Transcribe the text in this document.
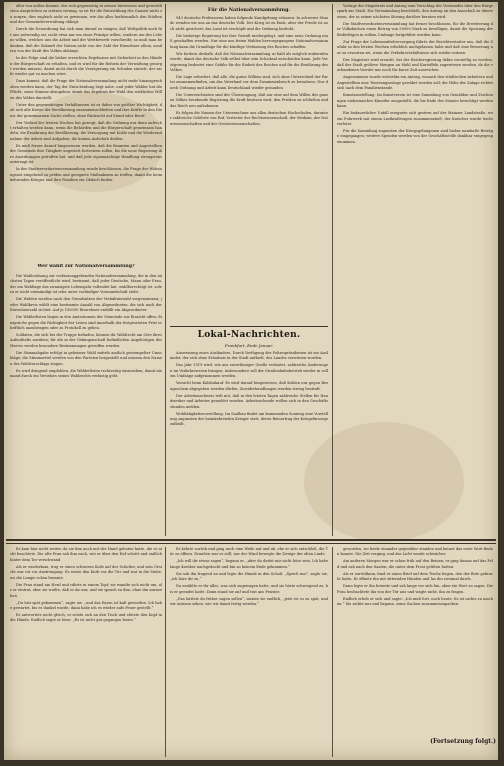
aller von außen Kommt, der sich gegenseitig in seinen Interessen und gewerblichen Ansprüchen zu stützen vermag, so ist für die Entwicklung des Ganzen nicht zu sorgen, dies zugleich nicht zu gewinnen, wie das alles herkömmlich den Städten und der Gemeindeverwaltung obliegt.

Durch die Neuordnung hat sich man darauf zu einigen, daß Weltpolitik auch für uns notwendig sei, nicht etwa nur um eines Prinzips willen, sondern um des Lebens willen, welches uns die Arbeit und der Wettbewerb vorschreibt; so muß man bedenken, daß die Zukunft der Nation nicht von der Zahl der Einwohner allein, sondern von der Kraft des Volkes abhängt.

In der Folge sind die bisher erreichten Ergebnisse mit Sicherheit in den Händen der Bürgerschaft zu erhalten, und es wird für die Reform der Verwaltung gesorgt werden müssen, damit nicht durch die Verzögerung ein Schaden eintritt, der nicht wieder gut zu machen wäre.

Dazu kommt, daß die Frage der Nationalversammlung nicht mehr hinausgeschoben werden kann; der Tag der Entscheidung liegt nahe, und jeder Wähler hat die Pflicht, seine Stimme abzugeben, damit das Ergebnis der Wahl den wirklichen Willen des Volkes darstellt.

Unter den gegenwärtigen Verhältnissen ist es daher von größter Wichtigkeit, daß sich alle Kreise der Bevölkerung zusammenschließen und ihre Kräfte in den Dienst der gemeinsamen Sache stellen, ohne Rücksicht auf Stand oder Beruf.

Der Verlauf der letzten Wochen hat gezeigt, daß die Ordnung nur dann aufrecht erhalten werden kann, wenn die Behörden und die Bürgerschaft gemeinsam handeln; die Ernährung der Bevölkerung, die Versorgung mit Kohle und die Wiederaufnahme der Arbeit sind Aufgaben, die keinen Aufschub dulden.

Es muß ferner darauf hingewiesen werden, daß die Beamten und Angestellten der Gemeinde ihre Tätigkeit ungestört fortsetzen sollen, bis die neue Regierung ihre Anordnungen getroffen hat, und daß jede eigenmächtige Handlung strengstens untersagt ist.

In der Stadtverordnetenversammlung wurde beschlossen, die Frage der Wohnungsnot eingehend zu prüfen und geeignete Maßnahmen zu treffen, damit die heimkehrenden Krieger und ihre Familien ein Obdach finden.

Wer wählt zur Nationalversammlung?

Die Wahlordnung zur verfassunggebenden Nationalversammlung, die in den nächsten Tagen veröffentlicht wird, bestimmt, daß jeder Deutsche, Mann oder Frau, der am Wahltage das zwanzigste Lebensjahr vollendet hat, wahlberechtigt ist, sofern er nicht entmündigt ist oder unter vorläufiger Vormundschaft steht.

Die Wahlen werden nach den Grundsätzen der Verhältniswahl vorgenommen; jeder Wahlkreis wählt eine bestimmte Anzahl von Abgeordneten, die sich nach der Einwohnerzahl richtet. Auf je 150000 Einwohner entfällt ein Abgeordneter.

Die Wählerlisten liegen in den Amtsräumen der Gemeinde zur Einsicht offen; Einsprüche gegen die Richtigkeit der Listen sind innerhalb der festgesetzten Frist schriftlich anzubringen oder zu Protokoll zu geben.

Soldaten, die sich bei der Truppe befinden, können ihr Wahlrecht am Orte ihres Aufenthalts ausüben; für die in der Gefangenschaft befindlichen Angehörigen des Heeres werden besondere Bestimmungen getroffen werden.

Die Stimmabgabe erfolgt in geheimer Wahl mittels amtlich gestempelter Umschläge; die Stimmzettel werden von den Parteien hergestellt und müssen den Namen des Wahlvorschlags tragen.

Es wird dringend empfohlen, die Wählerlisten rechtzeitig einzusehen, damit niemand durch ein Versehen seines Wahlrechts verlustig geht.

Für die Nationalversammlung.

943 deutsche Professoren haben folgende Kundgebung erlassen: In schwerer Stunde wenden wir uns an das deutsche Volk. Der Krieg ist zu Ende, aber der Friede ist noch nicht gesichert; das Land ist erschöpft und die Ordnung bedroht.

Die bisherige Regierung hat ihre Gewalt niedergelegt, und eine neue Ordnung muß geschaffen werden. Nur eine aus freien Wahlen hervorgegangene Nationalversammlung kann die Grundlage für die künftige Verfassung des Reiches schaffen.

Wir fordern deshalb, daß die Nationalversammlung so bald als möglich einberufen werde, damit das deutsche Volk selbst über sein Schicksal entscheiden kann. Jede Verzögerung bedeutet eine Gefahr für die Einheit des Reiches und für die Ernährung des Volkes.

Die Lage erfordert, daß alle, die guten Willens sind, sich ohne Unterschied der Partei zusammenfinden, um das Vaterland vor dem Zusammenbruch zu bewahren. Nur durch Ordnung und Arbeit kann Deutschland wieder gesunden.

Die Unterzeichneten sind der Überzeugung, daß nur eine auf dem Willen des ganzen Volkes beruhende Regierung die Kraft besitzen wird, den Frieden zu schließen und das Reich neu aufzubauen.

Es folgen die Namen der Unterzeichner aus allen deutschen Hochschulen, darunter zahlreiche Gelehrte von Ruf, Vertreter der Rechtswissenschaft, der Medizin, der Naturwissenschaften und der Geisteswissenschaften.

Lokal-Nachrichten.
Frankfurt, Ende Januar.

Ausweisung eines Ausländers. Durch Verfügung des Polizeipräsidenten ist ein Ausländer, der sich ohne Erlaubnis in der Stadt aufhielt, des Landes verwiesen worden.

Das Jahr 1919 wird, wie aus zuverlässiger Quelle verlautet, zahlreiche Änderungen im Verkehrswesen bringen; insbesondere soll der Straßenbahnbetrieb wieder in vollem Umfange aufgenommen werden.

Vorsicht beim Kohlenkauf. Es wird darauf hingewiesen, daß Kohlen nur gegen Bezugsschein abgegeben werden dürfen; Zuwiderhandlungen werden streng bestraft.

Der Arbeitsnachweis teilt mit, daß in den letzten Tagen zahlreiche Stellen für Handwerker und Arbeiter gemeldet wurden. Arbeitsuchende wollen sich in den Geschäftsstunden melden.

Wohltätigkeitsvorstellung. Im Saalbau findet am kommenden Sonntag eine Vorstellung zugunsten der heimkehrenden Krieger statt, deren Reinertrag der Kriegsfürsorge zufließt.

Vorlage der Magistrats und Antrag zum Vorschlag des Vorstandes über den Bürgerpark zur Stadt. Die Versammlung beschließt, den Antrag an den Ausschuß zu überweisen, der in seiner nächsten Sitzung darüber beraten wird.

Die Stadtverordnetenversammlung hat ferner beschlossen, für die Erweiterung der Volksküchen einen Betrag von 50000 Mark zu bewilligen, damit die Speisung der Bedürftigen in vollem Umfange fortgeführt werden kann.

Zur Frage der Lebensmittelversorgung führte der Berichterstatter aus, daß die Zufuhr in den letzten Wochen erheblich nachgelassen habe und daß eine Besserung nur zu erwarten sei, wenn die Verkehrsverhältnisse sich wieder ordnen.

Der Magistrat wird ersucht, bei der Reichsregierung dahin vorstellig zu werden, daß der Stadt größere Mengen an Mehl und Kartoffeln zugewiesen werden, da die vorhandenen Vorräte nur noch für kurze Zeit ausreichen.

Angenommen wurde weiterhin ein Antrag, wonach den städtischen Arbeitern und Angestellten eine Teuerungszulage gewährt werden soll; die Höhe der Zulage richtet sich nach dem Familienstande.

Kunstausstellung. Im Kunstverein ist eine Sammlung von Gemälden und Zeichnungen einheimischer Künstler ausgestellt, die bis Ende des Monats besichtigt werden kann.

Ein bedauerlicher Unfall ereignete sich gestern auf der Mainzer Landstraße, wo ein Fuhrwerk mit einem Lastkraftwagen zusammenstieß; der Kutscher wurde leicht verletzt.

Für die Sammlung zugunsten der Kriegsgefangenen sind bisher namhafte Beträge eingegangen; weitere Spenden werden von der Geschäftsstelle dankbar entgegengenommen.

Er kam hier nicht weiter, da sie ihm auch mit der Hand geboten hatte, die er nicht beachtete. Die alte Frau sah ihm nach, wie er über den Hof schritt und endlich hinter dem Tor verschwand.

Als er wiederkam, trug er einen schweren Korb auf der Schulter, und sein Gesicht war rot vor Anstrengung. Er setzte den Korb vor die Tür und trat in die Stube, wo die Lampe schon brannte.

Die Frau stand am Herd und rührte in einem Topf; sie wandte sich nicht um, als er eintrat, aber sie wußte, daß er da war, und sie sprach zu ihm, ohne ihn anzusehen.

„Du bist spät gekommen“, sagte sie, „und das Essen ist kalt geworden. Ich habe gewartet, bis es dunkel wurde, dann habe ich es wieder aufs Feuer gestellt.“

Er antwortete nicht gleich; er setzte sich an den Tisch und stützte den Kopf in die Hände. Endlich sagte er leise: „Es ist nicht gut gegangen heute.“

Er kehrte zurück und ging noch eine Weile auf und ab, ehe er sich entschloß, die Tür zu öffnen. Draußen war es still; nur der Wind bewegte die Zweige der alten Linde.

„Ich will dir etwas sagen“, begann er, „aber du darfst mir nicht böse sein. Ich habe lange darüber nachgedacht und bin zu keinem Ende gekommen.“

Sie sah ihn fragend an und legte die Hände in den Schoß. „Sprich nur“, sagte sie, „ich höre dir zu.“

Da erzählte er ihr alles, was sich zugetragen hatte, und sie hörte schweigend zu, bis er geendet hatte. Dann stand sie auf und trat ans Fenster.

„Das hättest du früher sagen sollen“, meinte sie endlich, „jetzt ist es zu spät, und wir müssen sehen, wie wir damit fertig werden.“

geworden, wo beide einander gegenüber standen und keiner das erste Wort finden konnte. Die Zeit verging, und das Licht wurde schwächer.

Am anderen Morgen war er schon früh auf den Beinen; er ging hinaus auf das Feld und sah nach den Saaten, die unter dem Frost gelitten hatten.

Als er zurückkam, fand er einen Brief auf dem Tische liegen, den der Bote gebracht hatte. Er öffnete ihn mit zitternden Händen und las ihn zweimal durch.

Dann legte er ihn beiseite und sah lange vor sich hin, ohne ein Wort zu sagen. Die Frau beobachtete ihn von der Tür aus und wagte nicht, ihn zu fragen.

Endlich erhob er sich und sagte: „Ich muß fort, noch heute. Es ist nichts zu machen.“ Sie nickte nur und begann, seine Sachen zusammenzupacken.

(Fortsetzung folgt.)
